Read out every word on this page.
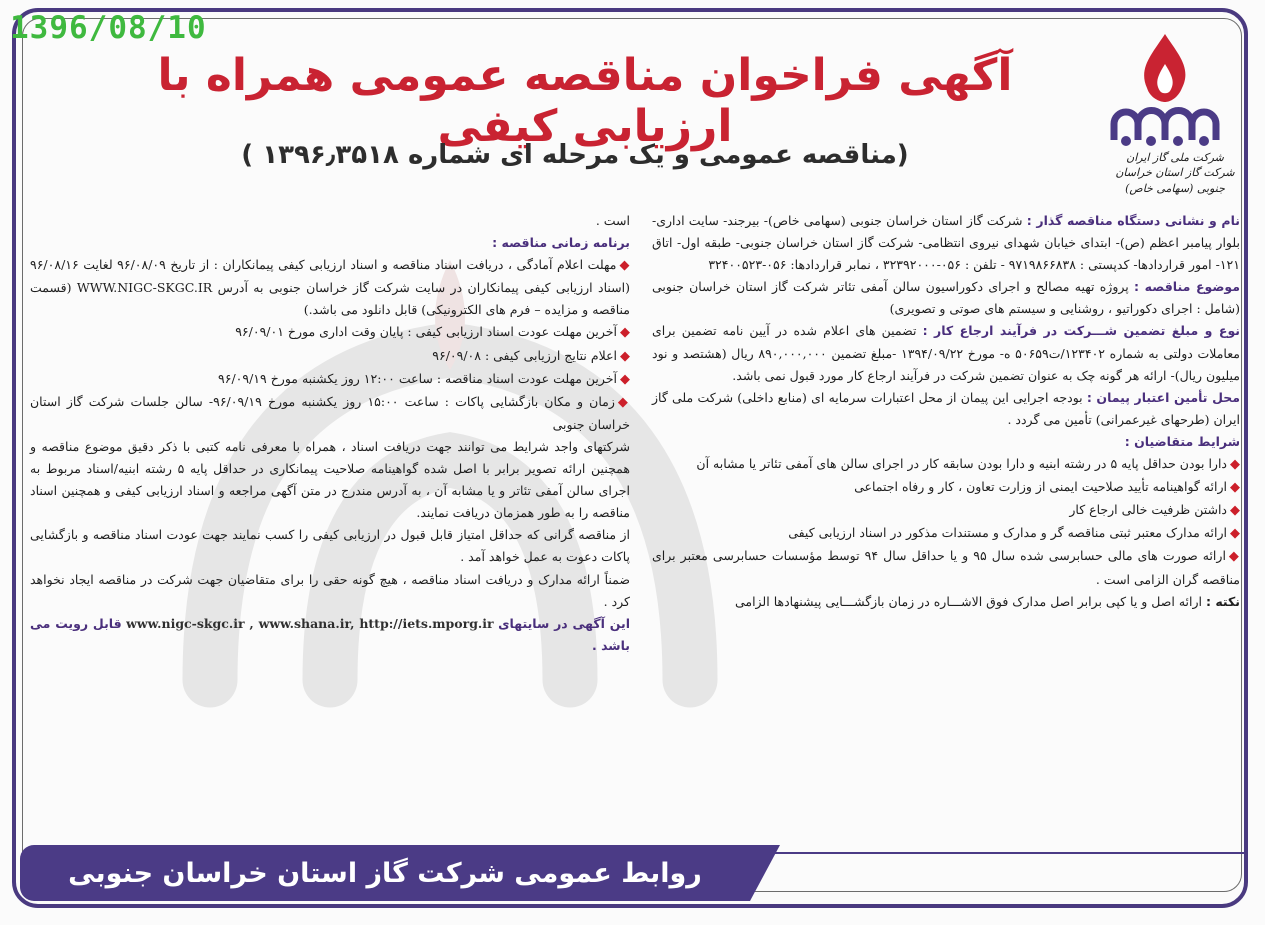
1396/08/10
شرکت ملی گاز ایران
شرکت گاز استان خراسان جنوبی (سهامی خاص)
آگهی فراخوان مناقصه عمومی همراه با ارزیابی کیفی
(مناقصه عمومی و یک مرحله ای شماره ۱۳۹۶٫۳۵۱۸ )

نام و نشانی دستگاه مناقصه گذار : شرکت گاز استان خراسان جنوبی (سهامی خاص)- بیرجند- سایت اداری- بلوار پیامبر اعظم (ص)- ابتدای خیابان شهدای نیروی انتظامی- شرکت گاز استان خراسان جنوبی- طبقه اول- اتاق ۱۲۱- امور قراردادها- کدپستی : ۹۷۱۹۸۶۶۸۳۸ - تلفن : ۰۵۶-۳۲۳۹۲۰۰۰ ، نمابر قراردادها: ۰۵۶-۳۲۴۰۰۵۲۳

موضوع مناقصه : پروژه تهیه مصالح و اجرای دکوراسیون سالن آمفی تئاتر شرکت گاز استان خراسان جنوبی (شامل : اجرای دکوراتیو ، روشنایی و سیستم های صوتی و تصویری)

نوع و مبلغ تضمین شـــرکت در فرآیند ارجاع کار : تضمین های اعلام شده در آیین نامه تضمین برای معاملات دولتی به شماره ۱۲۳۴۰۲/ت۵۰۶۵۹ ه- مورخ ۱۳۹۴/۰۹/۲۲ -مبلغ تضمین ۸۹۰,۰۰۰,۰۰۰ ریال (هشتصد و نود میلیون ریال)- ارائه هر گونه چک به عنوان تضمین شرکت در فرآیند ارجاع کار مورد قبول نمی باشد.

محل تأمین اعتبار پیمان : بودجه اجرایی این پیمان از محل اعتبارات سرمایه ای (منابع داخلی) شرکت ملی گاز ایران (طرحهای غیرعمرانی) تأمین می گردد .

شرایط متقاضیان :

◆دارا بودن حداقل پایه ۵ در رشته ابنیه و دارا بودن سابقه کار در اجرای سالن های آمفی تئاتر یا مشابه آن

◆ارائه گواهینامه تأیید صلاحیت ایمنی از وزارت تعاون ، کار و رفاه اجتماعی

◆داشتن ظرفیت خالی ارجاع کار

◆ارائه مدارک معتبر ثبتی مناقصه گر و مدارک و مستندات مذکور در اسناد ارزیابی کیفی

◆ارائه صورت های مالی حسابرسی شده سال ۹۵ و یا حداقل سال ۹۴ توسط مؤسسات حسابرسی معتبر برای مناقصه گران الزامی است .

نکته : ارائه اصل و یا کپی برابر اصل مدارک فوق الاشـــاره در زمان بازگشـــایی پیشنهادها الزامی

است .

برنامه زمانی مناقصه :

◆مهلت اعلام آمادگی ، دریافت اسناد مناقصه و اسناد ارزیابی کیفی پیمانکاران : از تاریخ ۹۶/۰۸/۰۹ لغایت ۹۶/۰۸/۱۶ (اسناد ارزیابی کیفی پیمانکاران در سایت شرکت گاز خراسان جنوبی به آدرس WWW.NIGC-SKGC.IR (قسمت مناقصه و مزایده – فرم های الکترونیکی) قابل دانلود می باشد.)

◆آخرین مهلت عودت اسناد ارزیابی کیفی : پایان وقت اداری مورخ ۹۶/۰۹/۰۱

◆اعلام نتایج ارزیابی کیفی : ۹۶/۰۹/۰۸

◆آخرین مهلت عودت اسناد مناقصه : ساعت ۱۲:۰۰ روز یکشنبه مورخ ۹۶/۰۹/۱۹

◆زمان و مکان بازگشایی پاکات : ساعت ۱۵:۰۰ روز یکشنبه مورخ ۹۶/۰۹/۱۹- سالن جلسات شرکت گاز استان خراسان جنوبی

شرکتهای واجد شرایط می توانند جهت دریافت اسناد ، همراه با معرفی نامه کتبی با ذکر دقیق موضوع مناقصه و همچنین ارائه تصویر برابر با اصل شده گواهینامه صلاحیت پیمانکاری در حداقل پایه ۵ رشته ابنیه/اسناد مربوط به اجرای سالن آمفی تئاتر و یا مشابه آن ، به آدرس مندرج در متن آگهی مراجعه و اسناد ارزیابی کیفی و همچنین اسناد مناقصه را به طور همزمان دریافت نمایند.

از مناقصه گرانی که حداقل امتیاز قابل قبول در ارزیابی کیفی را کسب نمایند جهت عودت اسناد مناقصه و بازگشایی پاکات دعوت به عمل خواهد آمد .

ضمناً ارائه مدارک و دریافت اسناد مناقصه ، هیچ گونه حقی را برای متقاضیان جهت شرکت در مناقصه ایجاد نخواهد کرد .

این آگهی در سایتهای www.nigc-skgc.ir , www.shana.ir, http://iets.mporg.ir قابل رویت می باشد .

روابط عمومی شرکت گاز استان خراسان جنوبی
